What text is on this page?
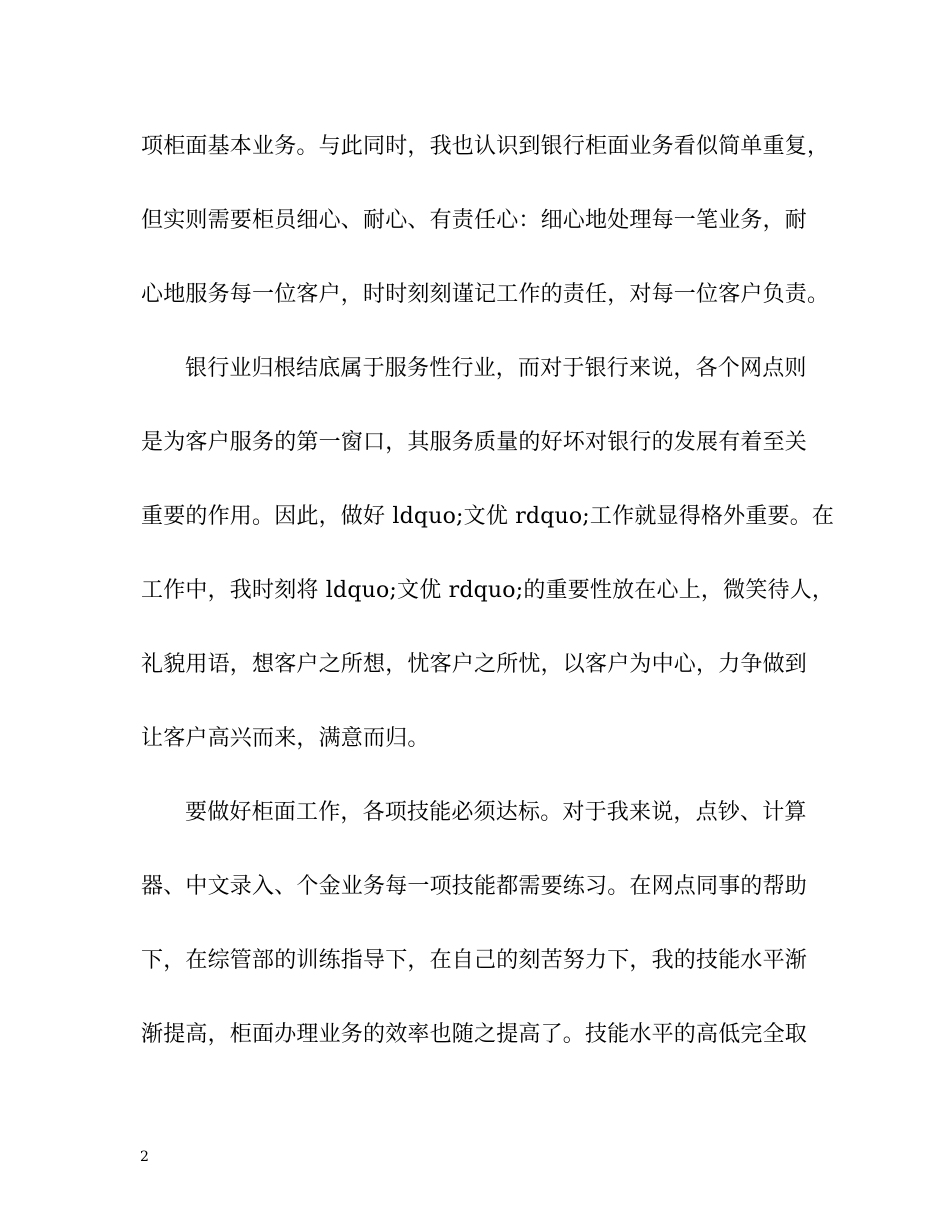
项柜面基本业务。与此同时，我也认识到银行柜面业务看似简单重复，
但实则需要柜员细心、耐心、有责任心：细心地处理每一笔业务，耐
心地服务每一位客户，时时刻刻谨记工作的责任，对每一位客户负责。
银行业归根结底属于服务性行业，而对于银行来说，各个网点则
是为客户服务的第一窗口，其服务质量的好坏对银行的发展有着至关
重要的作用。因此，做好 ldquo;文优 rdquo;工作就显得格外重要。在
工作中，我时刻将 ldquo;文优 rdquo;的重要性放在心上，微笑待人，
礼貌用语，想客户之所想，忧客户之所忧，以客户为中心，力争做到
让客户高兴而来，满意而归。
要做好柜面工作，各项技能必须达标。对于我来说，点钞、计算
器、中文录入、个金业务每一项技能都需要练习。在网点同事的帮助
下，在综管部的训练指导下，在自己的刻苦努力下，我的技能水平渐
渐提高，柜面办理业务的效率也随之提高了。技能水平的高低完全取
2
